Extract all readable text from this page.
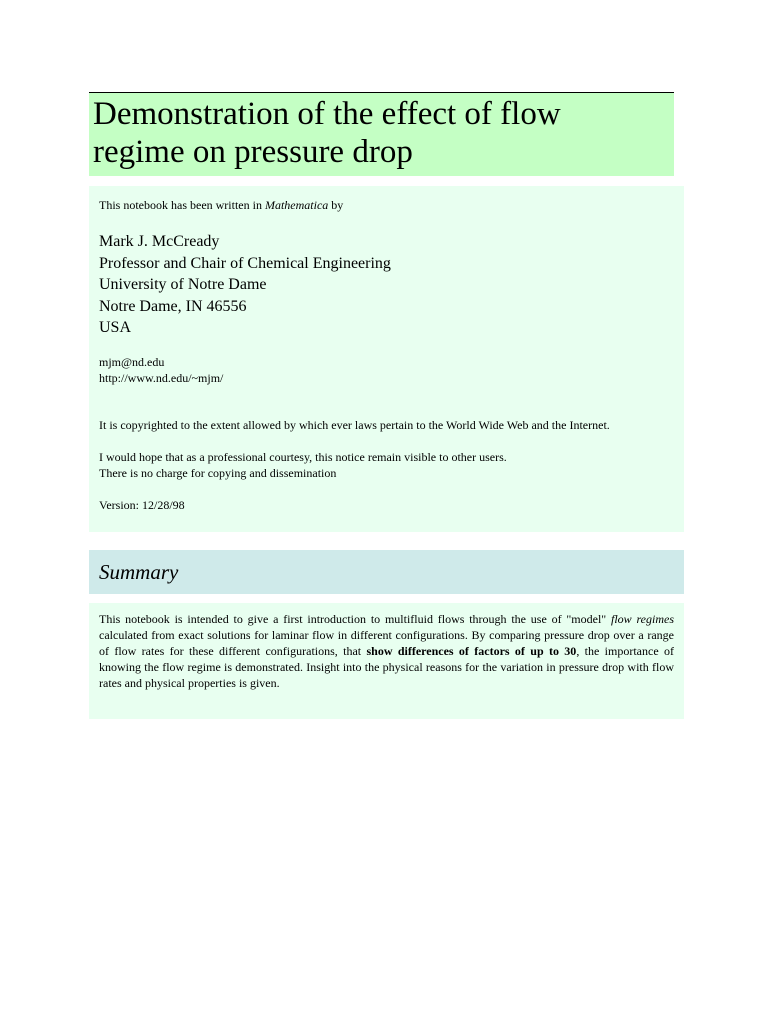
Demonstration of the effect of flow
regime on pressure drop
This notebook has been written in Mathematica by
Mark J. McCready
Professor and Chair of Chemical Engineering
University of Notre Dame
Notre Dame, IN 46556
USA
mjm@nd.edu
http://www.nd.edu/~mjm/
It is copyrighted to the extent allowed by which ever laws pertain to the World Wide Web and the Internet.
I would hope that as a professional courtesy, this notice remain visible to other users.
There is no charge for copying and dissemination
Version: 12/28/98
Summary
This notebook is intended to give a first introduction to multifluid flows through the use of "model" flow regimes calculated from exact solutions for laminar flow in different configurations. By comparing pressure drop over a range of flow rates for these different configurations, that show differences of factors of up to 30, the importance of knowing the flow regime is demonstrated. Insight into the physical reasons for the variation in pressure drop with flow rates and physical properties is given.
